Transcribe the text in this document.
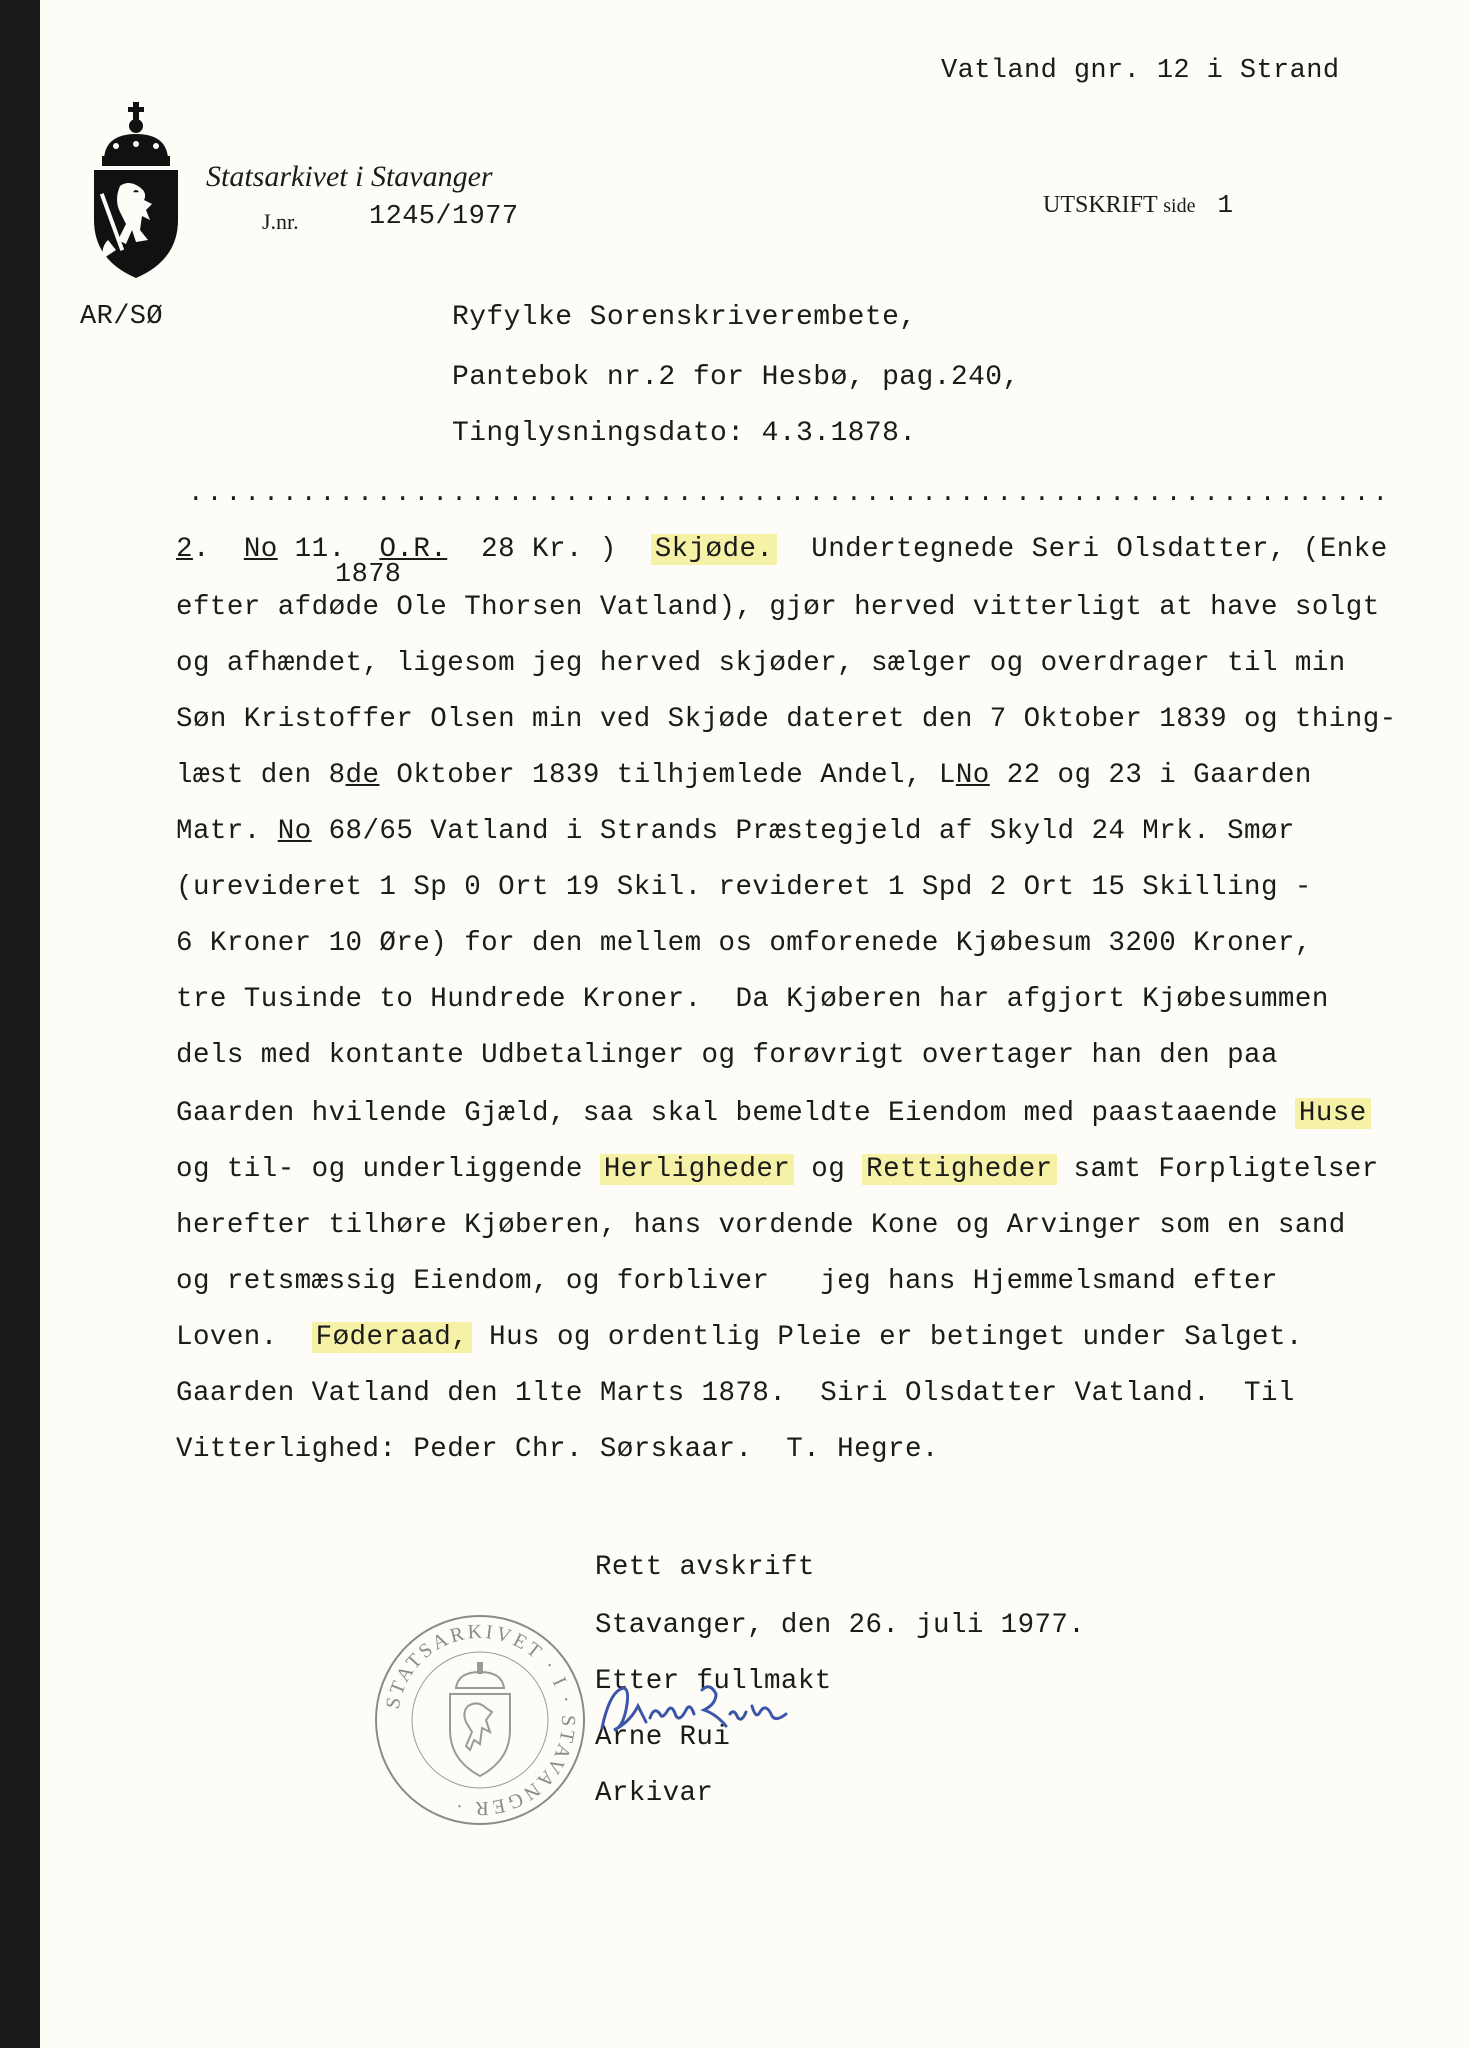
Vatland gnr. 12 i Strand
Statsarkivet i Stavanger
J.nr.	1245/1977	UTSKRIFT side 1
AR/SØ	Ryfylke Sorenskriverembete,
Pantebok nr.2 for Hesbø, pag.240,
Tinglysningsdato: 4.3.1878.
................................................................
2.  No 11. O.R. 28 Kr. ) Skjøde. Undertegnede Seri Olsdatter, (Enke
1878
efter afdøde Ole Thorsen Vatland), gjør herved vitterligt at have solgt
og afhændet, ligesom jeg herved skjøder, sælger og overdrager til min
Søn Kristoffer Olsen min ved Skjøde dateret den 7 Oktober 1839 og thing-
læst den 8de Oktober 1839 tilhjemlede Andel, LNo 22 og 23 i Gaarden
Matr. No 68/65 Vatland i Strands Præstegjeld af Skyld 24 Mrk. Smør
(urevideret 1 Sp 0 Ort 19 Skil. revideret 1 Spd 2 Ort 15 Skilling -
6 Kroner 10 Øre) for den mellem os omforenede Kjøbesum 3200 Kroner,
tre Tusinde to Hundrede Kroner.  Da Kjøberen har afgjort Kjøbesummen
dels med kontante Udbetalinger og forøvrigt overtager han den paa
Gaarden hvilende Gjæld, saa skal bemeldte Eiendom med paastaaende Huse
og til- og underliggende Herligheder og Rettigheder samt Forpligtelser
herefter tilhøre Kjøberen, hans vordende Kone og Arvinger som en sand
og retsmæssig Eiendom, og forbliver   jeg hans Hjemmelsmand efter
Loven.  Føderaad, Hus og ordentlig Pleie er betinget under Salget.
Gaarden Vatland den 1lte Marts 1878.  Siri Olsdatter Vatland.  Til
Vitterlighed: Peder Chr. Sørskaar.  T. Hegre.
Rett avskrift
Stavanger, den 26. juli 1977.
Etter fullmakt
Arne Rui
Arkivar
STATSARKIVET · I · STAVANGER ·
